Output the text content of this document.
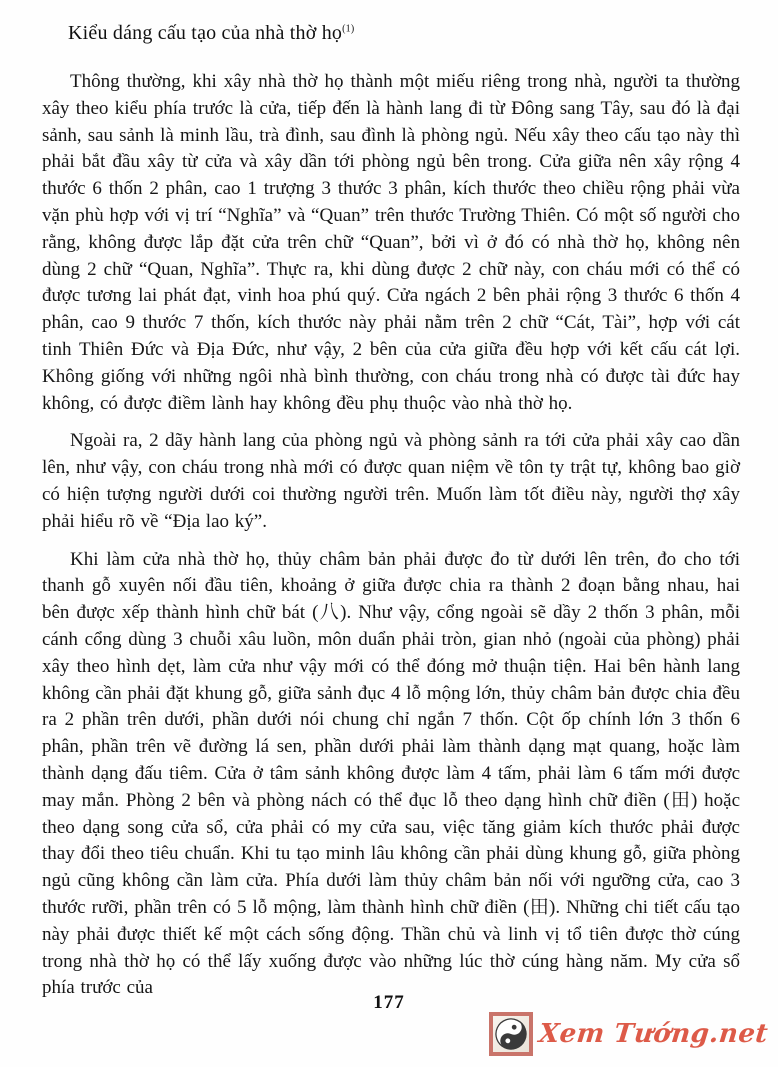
Kiểu dáng cấu tạo của nhà thờ họ$^{(1)}$

Thông thường, khi xây nhà thờ họ thành một miếu riêng trong nhà, người ta thường xây theo kiểu phía trước là cửa, tiếp đến là hành lang đi từ Đông sang Tây, sau đó là đại sảnh, sau sảnh là minh lầu, trà đình, sau đình là phòng ngủ. Nếu xây theo cấu tạo này thì phải bắt đầu xây từ cửa và xây dần tới phòng ngủ bên trong. Cửa giữa nên xây rộng 4 thước 6 thốn 2 phân, cao 1 trượng 3 thước 3 phân, kích thước theo chiều rộng phải vừa vặn phù hợp với vị trí “Nghĩa” và “Quan” trên thước Trường Thiên. Có một số người cho rằng, không được lắp đặt cửa trên chữ “Quan”, bởi vì ở đó có nhà thờ họ, không nên dùng 2 chữ “Quan, Nghĩa”. Thực ra, khi dùng được 2 chữ này, con cháu mới có thể có được tương lai phát đạt, vinh hoa phú quý. Cửa ngách 2 bên phải rộng 3 thước 6 thốn 4 phân, cao 9 thước 7 thốn, kích thước này phải nằm trên 2 chữ “Cát, Tài”, hợp với cát tinh Thiên Đức và Địa Đức, như vậy, 2 bên của cửa giữa đều hợp với kết cấu cát lợi. Không giống với những ngôi nhà bình thường, con cháu trong nhà có được tài đức hay không, có được điềm lành hay không đều phụ thuộc vào nhà thờ họ.

Ngoài ra, 2 dãy hành lang của phòng ngủ và phòng sảnh ra tới cửa phải xây cao dần lên, như vậy, con cháu trong nhà mới có được quan niệm về tôn ty trật tự, không bao giờ có hiện tượng người dưới coi thường người trên. Muốn làm tốt điều này, người thợ xây phải hiểu rõ về “Địa lao ký”.

Khi làm cửa nhà thờ họ, thủy châm bản phải được đo từ dưới lên trên, đo cho tới thanh gỗ xuyên nối đầu tiên, khoảng ở giữa được chia ra thành 2 đoạn bằng nhau, hai bên được xếp thành hình chữ bát (八). Như vậy, cổng ngoài sẽ dầy 2 thốn 3 phân, mỗi cánh cổng dùng 3 chuỗi xâu luồn, môn duẩn phải tròn, gian nhỏ (ngoài của phòng) phải xây theo hình dẹt, làm cửa như vậy mới có thể đóng mở thuận tiện. Hai bên hành lang không cần phải đặt khung gỗ, giữa sảnh đục 4 lỗ mộng lớn, thủy châm bản được chia đều ra 2 phần trên dưới, phần dưới nói chung chỉ ngắn 7 thốn. Cột ốp chính lớn 3 thốn 6 phân, phần trên vẽ đường lá sen, phần dưới phải làm thành dạng mạt quang, hoặc làm thành dạng đấu tiêm. Cửa ở tâm sảnh không được làm 4 tấm, phải làm 6 tấm mới được may mắn. Phòng 2 bên và phòng nách có thể đục lỗ theo dạng hình chữ điền (田) hoặc theo dạng song cửa sổ, cửa phải có my cửa sau, việc tăng giảm kích thước phải được thay đổi theo tiêu chuẩn. Khi tu tạo minh lâu không cần phải dùng khung gỗ, giữa phòng ngủ cũng không cần làm cửa. Phía dưới làm thủy châm bản nối với ngưỡng cửa, cao 3 thước rưỡi, phần trên có 5 lỗ mộng, làm thành hình chữ điền (田). Những chi tiết cấu tạo này phải được thiết kế một cách sống động. Thần chủ và linh vị tổ tiên được thờ cúng trong nhà thờ họ có thể lấy xuống được vào những lúc thờ cúng hàng năm. My cửa sổ phía trước của

177
Xem Tướng.net
